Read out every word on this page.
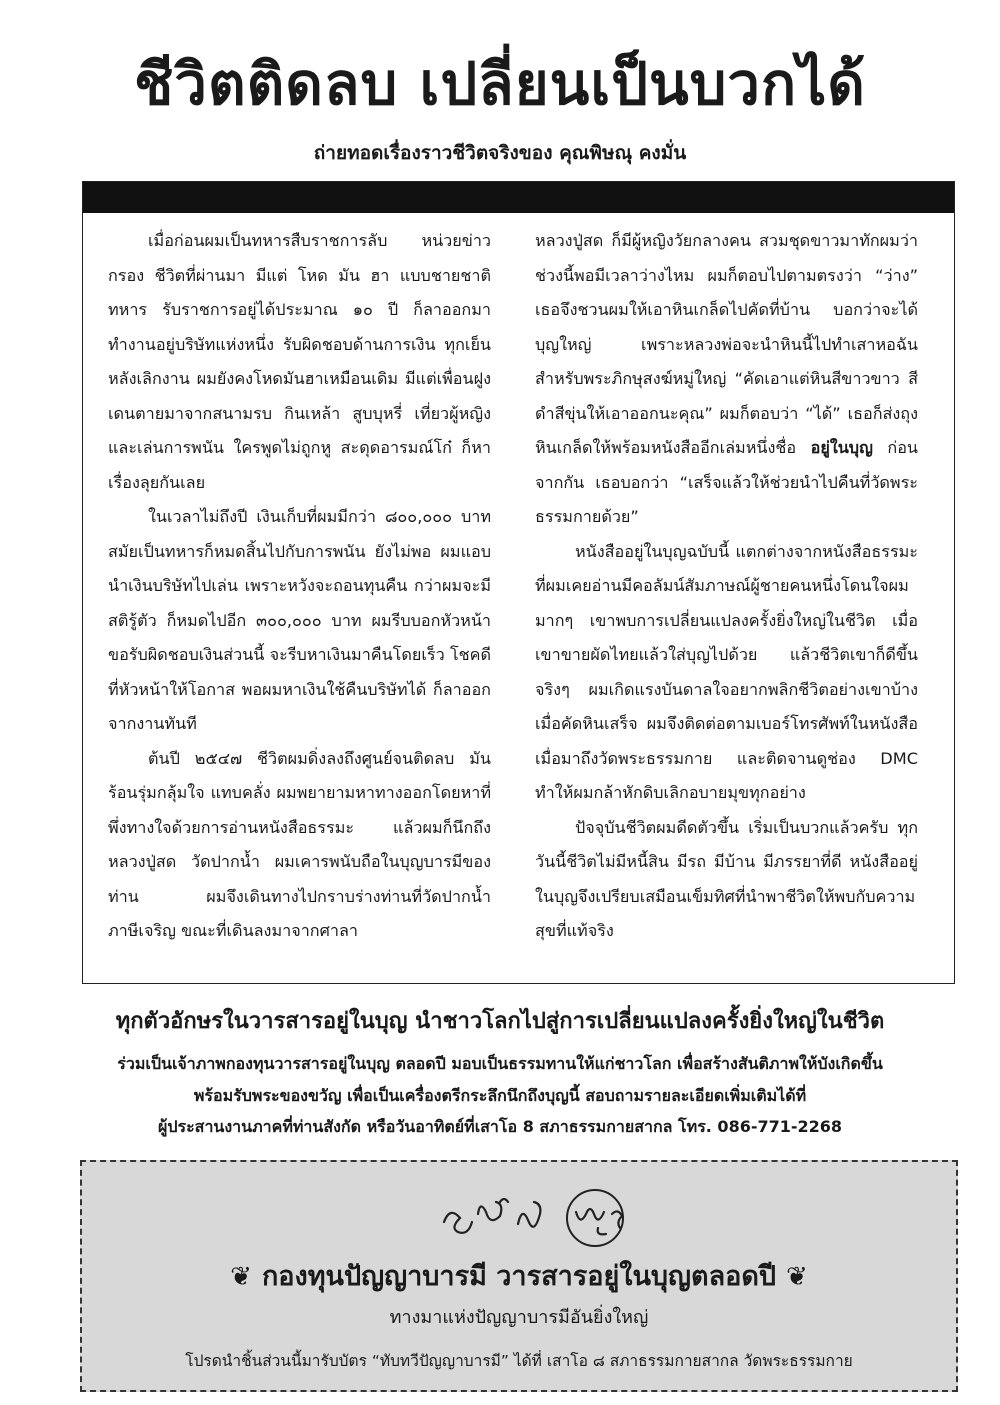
ชีวิตติดลบ เปลี่ยนเป็นบวกได้
ถ่ายทอดเรื่องราวชีวิตจริงของ คุณพิษณุ คงมั่น

เมื่อก่อนผมเป็นทหารสืบราชการลับ หน่วยข่าวกรอง ชีวิตที่ผ่านมา มีแต่ โหด มัน ฮา แบบชายชาติทหาร รับราชการอยู่ได้ประมาณ ๑๐ ปี ก็ลาออกมาทำงานอยู่บริษัทแห่งหนึ่ง รับผิดชอบด้านการเงิน ทุกเย็นหลังเลิกงาน ผมยังคงโหดมันฮาเหมือนเดิม มีแต่เพื่อนฝูงเดนตายมาจากสนามรบ กินเหล้า สูบบุหรี่ เที่ยวผู้หญิง และเล่นการพนัน ใครพูดไม่ถูกหู สะดุดอารมณ์โก๋ ก็หาเรื่องลุยกันเลย

ในเวลาไม่ถึงปี เงินเก็บที่ผมมีกว่า ๘๐๐,๐๐๐ บาท สมัยเป็นทหารก็หมดสิ้นไปกับการพนัน ยังไม่พอ ผมแอบนำเงินบริษัทไปเล่น เพราะหวังจะถอนทุนคืน กว่าผมจะมีสติรู้ตัว ก็หมดไปอีก ๓๐๐,๐๐๐ บาท ผมรีบบอกหัวหน้า ขอรับผิดชอบเงินส่วนนี้ จะรีบหาเงินมาคืนโดยเร็ว โชคดีที่หัวหน้าให้โอกาส พอผมหาเงินใช้คืนบริษัทได้ ก็ลาออกจากงานทันที

ต้นปี ๒๕๔๗ ชีวิตผมดิ่งลงถึงศูนย์จนติดลบ มันร้อนรุ่มกลุ้มใจ แทบคลั่ง ผมพยายามหาทางออกโดยหาที่พึ่งทางใจด้วยการอ่านหนังสือธรรมะ แล้วผมก็นึกถึงหลวงปู่สด วัดปากน้ำ ผมเคารพนับถือในบุญบารมีของท่าน ผมจึงเดินทางไปกราบร่างท่านที่วัดปากน้ำ ภาษีเจริญ ขณะที่เดินลงมาจากศาลา

หลวงปู่สด ก็มีผู้หญิงวัยกลางคน สวมชุดขาวมาทักผมว่า ช่วงนี้พอมีเวลาว่างไหม ผมก็ตอบไปตามตรงว่า “ว่าง” เธอจึงชวนผมให้เอาหินเกล็ดไปคัดที่บ้าน บอกว่าจะได้บุญใหญ่ เพราะหลวงพ่อจะนำหินนี้ไปทำเสาหอฉันสำหรับพระภิกษุสงฆ์หมู่ใหญ่ “คัดเอาแต่หินสีขาวขาว สีดำสีขุ่นให้เอาออกนะคุณ” ผมก็ตอบว่า “ได้” เธอก็ส่งถุงหินเกล็ดให้พร้อมหนังสืออีกเล่มหนึ่งชื่อ อยู่ในบุญ ก่อนจากกัน เธอบอกว่า “เสร็จแล้วให้ช่วยนำไปคืนที่วัดพระธรรมกายด้วย”

หนังสืออยู่ในบุญฉบับนี้ แตกต่างจากหนังสือธรรมะที่ผมเคยอ่านมีคอลัมน์สัมภาษณ์ผู้ชายคนหนึ่งโดนใจผมมากๆ เขาพบการเปลี่ยนแปลงครั้งยิ่งใหญ่ในชีวิต เมื่อเขาขายผัดไทยแล้วใส่บุญไปด้วย แล้วชีวิตเขาก็ดีขึ้นจริงๆ ผมเกิดแรงบันดาลใจอยากพลิกชีวิตอย่างเขาบ้าง เมื่อคัดหินเสร็จ ผมจึงติดต่อตามเบอร์โทรศัพท์ในหนังสือ เมื่อมาถึงวัดพระธรรมกาย และติดจานดูช่อง DMC ทำให้ผมกล้าหักดิบเลิกอบายมุขทุกอย่าง

ปัจจุบันชีวิตผมดีดตัวขึ้น เริ่มเป็นบวกแล้วครับ ทุกวันนี้ชีวิตไม่มีหนี้สิน มีรถ มีบ้าน มีภรรยาที่ดี หนังสืออยู่ในบุญจึงเปรียบเสมือนเข็มทิศที่นำพาชีวิตให้พบกับความสุขที่แท้จริง

ทุกตัวอักษรในวารสารอยู่ในบุญ นำชาวโลกไปสู่การเปลี่ยนแปลงครั้งยิ่งใหญ่ในชีวิต
ร่วมเป็นเจ้าภาพกองทุนวารสารอยู่ในบุญ ตลอดปี มอบเป็นธรรมทานให้แก่ชาวโลก เพื่อสร้างสันติภาพให้บังเกิดขึ้น
พร้อมรับพระของขวัญ เพื่อเป็นเครื่องตรีกระลึกนึกถึงบุญนี้ สอบถามรายละเอียดเพิ่มเติมได้ที่
ผู้ประสานงานภาคที่ท่านสังกัด หรือวันอาทิตย์ที่เสาโอ 8 สภาธรรมกายสากล โทร. 086-771-2268
❦ กองทุนปัญญาบารมี วารสารอยู่ในบุญตลอดปี ❦
ทางมาแห่งปัญญาบารมีอันยิ่งใหญ่
โปรดนำชิ้นส่วนนี้มารับบัตร “ทับทวีปัญญาบารมี” ได้ที่ เสาโอ ๘ สภาธรรมกายสากล วัดพระธรรมกาย
